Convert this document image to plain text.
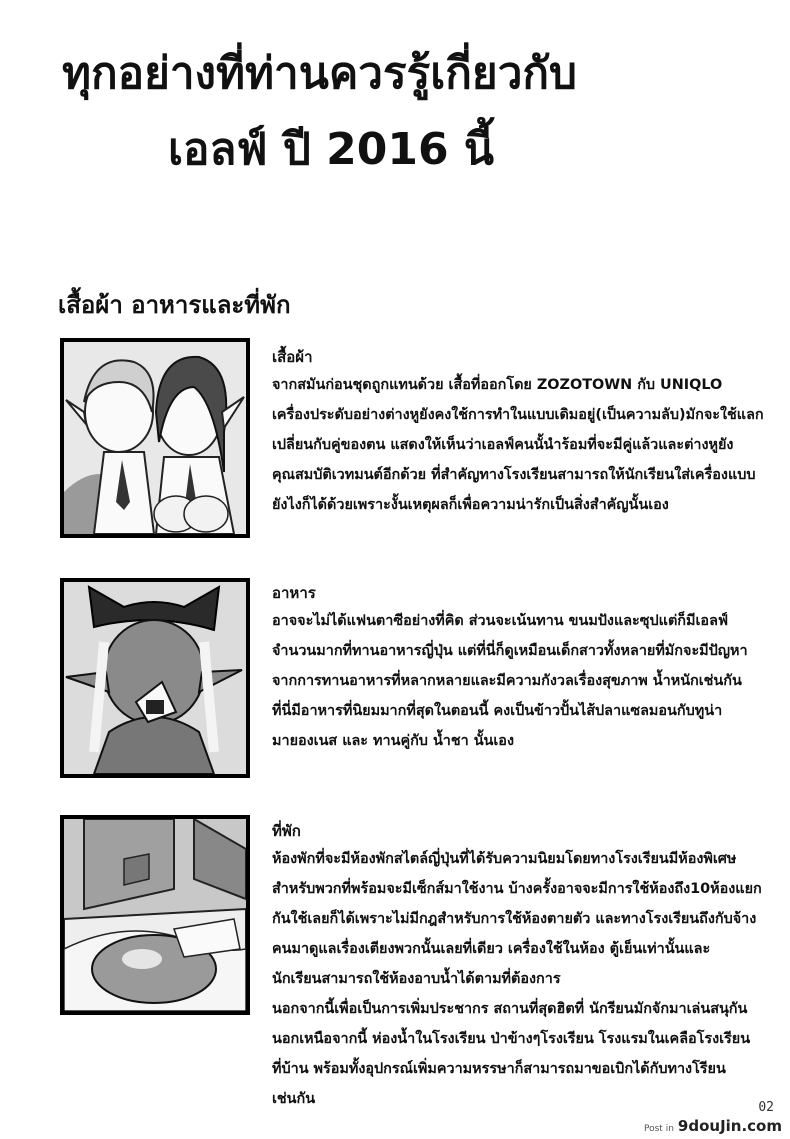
ทุกอย่างที่ท่านควรรู้เกี่ยวกับ
เอลฟ์ ปี 2016 นี้
เสื้อผ้า อาหารและที่พัก

เสื้อผ้า

จากสมันก่อนชุดถูกแทนด้วย เสื้อที่ออกโดย ZOZOTOWN กับ UNIQLO

เครื่องประดับอย่างต่างหูยังคงใช้การทำในแบบเดิมอยู่(เป็นความลับ)มักจะใช้แลก

เปลี่ยนกับคู่ของตน แสดงให้เห็นว่าเอลฟ์คนนั้นำร้อมที่จะมีคู่แล้วและต่างหูยัง

คุณสมบัติเวทมนต์อีกด้วย ที่สำคัญทางโรงเรียนสามารถให้นักเรียนใส่เครื่องแบบ

ยังไงก็ได้ด้วยเพราะงั้นเหตุผลก็เพื่อความน่ารักเป็นสิ่งสำคัญนั้นเอง

อาหาร

อาจจะไม่ได้แฟนตาซีอย่างที่คิด ส่วนจะเน้นทาน ขนมปังและซุปแต่ก็มีเอลฟ์

จำนวนมากที่ทานอาหารญี่ปุ่น แต่ที่นี่ก็ดูเหมือนเด็กสาวทั้งหลายที่มักจะมีปัญหา

จากการทานอาหารที่หลากหลายและมีความกังวลเรื่องสุขภาพ น้ำหนักเช่นกัน

ที่นี่มีอาหารที่นิยมมากที่สุดในตอนนี้ คงเป็นข้าวปั้นไส้ปลาแซลมอนกับทูน่า

มายองเนส และ ทานคู่กับ น้ำชา นั้นเอง

ที่พัก

ห้องพักที่จะมีห้องพักสไตล์ญี่ปุ่นที่ได้รับความนิยมโดยทางโรงเรียนมีห้องพิเศษ

สำหรับพวกที่พร้อมจะมีเซ็กส์มาใช้งาน บ้างครั้งอาจจะมีการใช้ห้องถึง10ห้องแยก

กันใช้เลยก็ได้เพราะไม่มีกฎสำหรับการใช้ห้องตายตัว และทางโรงเรียนถึงกับจ้าง

คนมาดูแลเรื่องเตียงพวกนั้นเลยที่เดียว เครื่องใช้ในห้อง ตู้เย็นเท่านั้นและ

นักเรียนสามารถใช้ห้องอาบน้ำได้ตามที่ต้องการ

นอกจากนี้เพื่อเป็นการเพิ่มประชากร สถานที่สุดฮิตที่ นักรียนมักจักมาเล่นสนุกัน

นอกเหนือจากนี้ ห่องน้ำในโรงเรียน ป่าข้างๆโรงเรียน โรงแรมในเคลือโรงเรียน

ที่บ้าน พร้อมทั้งอุปกรณ์เพิ่มความหรรษาก็สามารถมาขอเบิกได้กับทางโรียน

เช่นกัน

02
Post in 9douJin.com
